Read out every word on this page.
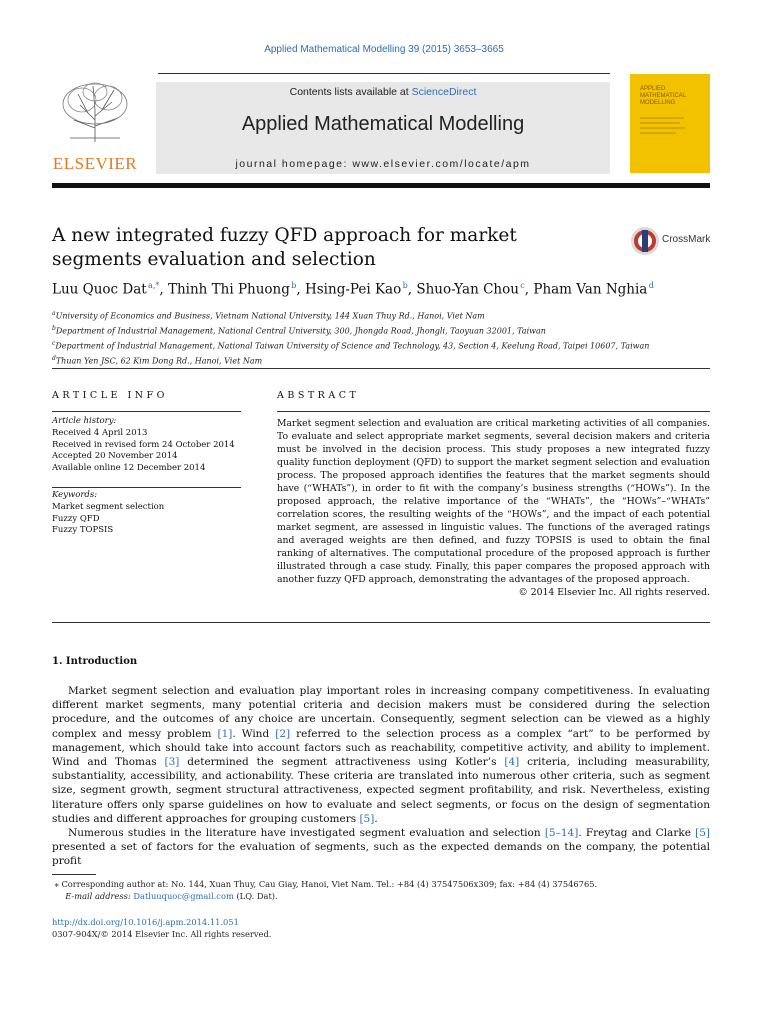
Applied Mathematical Modelling 39 (2015) 3653–3665
ELSEVIER
Contents lists available at ScienceDirect
Applied Mathematical Modelling
journal homepage: www.elsevier.com/locate/apm
APPLIED MATHEMATICAL MODELLING
A new integrated fuzzy QFD approach for market segments evaluation and selection
CrossMark
Luu Quoc Dat $^{a,*}$, Thinh Thi Phuong $^b$, Hsing-Pei Kao $^b$, Shuo-Yan Chou $^c$, Pham Van Nghia $^d$
$^a$University of Economics and Business, Vietnam National University, 144 Xuan Thuy Rd., Hanoi, Viet Nam
$^b$Department of Industrial Management, National Central University, 300, Jhongda Road, Jhongli, Taoyuan 32001, Taiwan
$^c$Department of Industrial Management, National Taiwan University of Science and Technology, 43, Section 4, Keelung Road, Taipei 10607, Taiwan
$^d$Thuan Yen JSC, 62 Kim Dong Rd., Hanoi, Viet Nam
ARTICLE INFO
Article history:
Received 4 April 2013
Received in revised form 24 October 2014
Accepted 20 November 2014
Available online 12 December 2014
Keywords:
Market segment selection
Fuzzy QFD
Fuzzy TOPSIS
ABSTRACT
Market segment selection and evaluation are critical marketing activities of all companies. To evaluate and select appropriate market segments, several decision makers and criteria must be involved in the decision process. This study proposes a new integrated fuzzy quality function deployment (QFD) to support the market segment selection and evaluation process. The proposed approach identifies the features that the market segments should have (“WHATs”), in order to fit with the company’s business strengths (“HOWs”). In the proposed approach, the relative importance of the “WHATs”, the “HOWs”–“WHATs” correlation scores, the resulting weights of the “HOWs”, and the impact of each potential market segment, are assessed in linguistic values. The functions of the averaged ratings and averaged weights are then defined, and fuzzy TOPSIS is used to obtain the final ranking of alternatives. The computational procedure of the proposed approach is further illustrated through a case study. Finally, this paper compares the proposed approach with another fuzzy QFD approach, demonstrating the advantages of the proposed approach.
© 2014 Elsevier Inc. All rights reserved.
1. Introduction

Market segment selection and evaluation play important roles in increasing company competitiveness. In evaluating different market segments, many potential criteria and decision makers must be considered during the selection procedure, and the outcomes of any choice are uncertain. Consequently, segment selection can be viewed as a highly complex and messy problem [1]. Wind [2] referred to the selection process as a complex “art” to be performed by management, which should take into account factors such as reachability, competitive activity, and ability to implement. Wind and Thomas [3] determined the segment attractiveness using Kotler’s [4] criteria, including measurability, substantiality, accessibility, and actionability. These criteria are translated into numerous other criteria, such as segment size, segment growth, segment structural attractiveness, expected segment profitability, and risk. Nevertheless, existing literature offers only sparse guidelines on how to evaluate and select segments, or focus on the design of segmentation studies and different approaches for grouping customers [5].

Numerous studies in the literature have investigated segment evaluation and selection [5–14]. Freytag and Clarke [5] presented a set of factors for the evaluation of segments, such as the expected demands on the company, the potential profit

⁎ Corresponding author at: No. 144, Xuan Thuy, Cau Giay, Hanoi, Viet Nam. Tel.: +84 (4) 37547506x309; fax: +84 (4) 37546765.
E-mail address: Datluuquoc@gmail.com (LQ. Dat).
http://dx.doi.org/10.1016/j.apm.2014.11.051
0307-904X/© 2014 Elsevier Inc. All rights reserved.
